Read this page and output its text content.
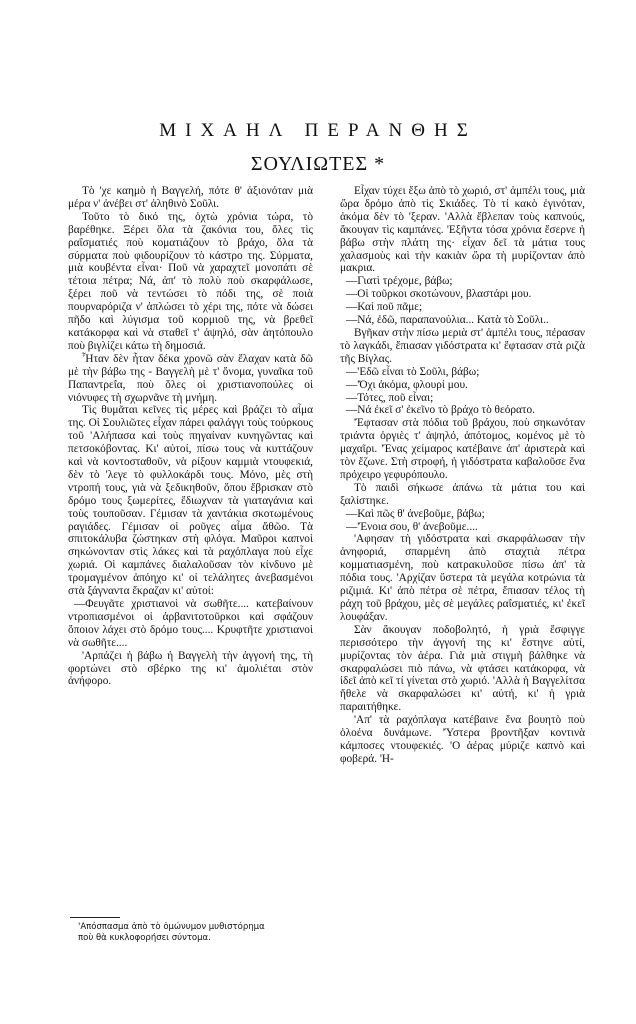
ΜΙΧΑΗΛ ΠΕΡΑΝΘΗΣ
ΣΟΥΛΙΩΤΕΣ *

Τὸ 'χε καημὸ ἡ Βαγγελή, πότε θ' ἀξιονόταν μιὰ μέρα ν' ἀνέβει στ' ἀληθινὸ Σοῦλι.

Τοῦτο τὸ δικό της, ὀχτὼ χρόνια τώρα, τὸ βαρέθηκε. Ξέρει ὅλα τὰ ζακόνια του, ὅλες τὶς ραΐσματιές ποὺ κοματιάζουν τὸ βράχο, ὅλα τὰ σύρματα ποὺ φιδουρίζουν τὸ κάστρο της. Σύρματα, μιὰ κουβέντα εἶναι· Ποῦ νὰ χαραχτεῖ μονοπάτι σὲ τέτοια πέτρα; Νά, ἀπ' τὸ πολὺ ποὺ σκαρφάλωσε, ξέρει ποῦ νὰ τεντώσει τὸ πόδι της, σὲ ποιὰ πουρναρόριζα ν' ἁπλώσει τὸ χέρι της, πότε νὰ δώσει πῆδο καὶ λύγισμα τοῦ κορμιοῦ της, νὰ βρεθεῖ κατάκορφα καὶ νὰ σταθεῖ τ' ἀψηλό, σὰν ἀητόπουλο ποὺ βιγλίζει κάτω τὴ δημοσιά.

Ἦταν δὲν ἦταν δέκα χρονῶ σὰν ἔλαχαν κατὰ δῶ μὲ τὴν βάβω της - Βαγγελὴ μὲ τ' ὄνομα, γυναῖκα τοῦ Παπαντρεΐα, ποὺ ὅλες οἱ χριστιανοπούλες οἱ νιόνυφες τὴ σχωρνᾶνε τὴ μνήμη.

Τὶς θυμᾶται κεῖνες τὶς μέρες καὶ βράζει τὸ αἷμα της. Οἱ Σουλιῶτες εἶχαν πάρει φαλάγγι τοὺς τούρκους τοῦ 'Αλήπασα καὶ τοὺς πηγαίναν κυνηγῶντας καὶ πετσοκόβοντας. Κι' αὐτοί, πίσω τους νὰ κυττάζουν καὶ νὰ κοντοσταθοῦν, νὰ ρίξουν καμμιὰ ντουφεκιά, δὲν τὸ 'λεγε τὸ φυλλοκάρδι τους. Μόνο, μὲς στὴ ντροπή τους, γιὰ νὰ ξεδικηθοῦν, ὅπου ἔβρισκαν στὸ δρόμο τους ξωμερίτες, ἔδιωχναν τὰ γιαταγάνια καὶ τοὺς τουποῦσαν. Γέμισαν τὰ χαντάκια σκοτωμένους ραγιάδες. Γέμισαν οἱ ροῦγες αἷμα ἄθῶο. Τὰ σπιτοκάλυβα ζώστηκαν στὴ φλόγα. Μαῦροι καπνοὶ σηκώνονταν στὶς λάκες καὶ τὰ ραχόπλαγα ποὺ εἶχε χωριά. Οἱ καμπάνες διαλαλοῦσαν τὸν κίνδυνο μὲ τρομαγμένον ἀπόηχο κι' οἱ τελάλητες ἀνεβασμένοι στὰ ξάγναντα ἔκραζαν κι' αὐτοί:

—Φευγᾶτε χριστιανοὶ νὰ σωθῆτε.... κατεβαίνουν ντροπιασμένοι οἱ ἀρβανιτοτοῦρκοι καὶ σφάζουν ὅποιον λάχει στὸ δρόμο τους.... Κρυφτῆτε χριστιανοὶ νὰ σωθῆτε....

'Αρπάζει ἡ βάβω ἡ Βαγγελὴ τὴν ἀγγονή της, τὴ φορτώνει στὸ σβέρκο της κι' ἀμολιέται στὸν ἀνήφορο.

Εἶχαν τύχει ἔξω ἀπὸ τὸ χωριό, στ' ἀμπέλι τους, μιὰ ὥρα δρόμο ἀπὸ τὶς Σκιάδες. Τὸ τί κακὸ ἐγινόταν, ἀκόμα δὲν τὸ 'ξεραν. 'Αλλὰ ἔβλεπαν τοὺς καπνούς, ἄκουγαν τὶς καμπάνες. 'Εξῆντα τόσα χρόνια ἔσερνε ἡ βάβω στὴν πλάτη της· εἶχαν δεῖ τὰ μάτια τους χαλασμοὺς καὶ τὴν κακιὰν ὥρα τὴ μυρίζονταν ἀπὸ μακρια.

—Γιατὶ τρέχομε, βάβω;

—Οἱ τοῦρκοι σκοτώνουν, βλαστάρι μου.

—Καὶ ποῦ πᾶμε;

—Νά, ἐδῶ, παραπανούλια... Κατὰ τὸ Σοῦλι..

Βγῆκαν στὴν πίσω μεριὰ στ' ἀμπέλι τους, πέρασαν τὸ λαγκάδι, ἔπιασαν γιδόστρατα κι' ἔφτασαν στὰ ριζὰ τῆς Βίγλας.

—'Εδῶ εἶναι τὸ Σοῦλι, βάβω;

—'Όχι ἀκόμα, φλουρί μου.

—Τότες, ποῦ εἶναι;

—Νά ἐκεῖ σ' ἐκεῖνο τὸ βράχο τὸ θεόρατο.

'Έφτασαν στὰ πόδια τοῦ βράχου, ποὺ σηκωνόταν τριάντα ὀργιὲς τ' ἀψηλό, ἀπότομος, κομένος μὲ τὸ μαχαῖρι. 'Ένας χείμαρος κατέβαινε ἀπ' ἀριστερὰ καὶ τὸν ἔζωνε. Στὴ στροφή, ἡ γιδόστρατα καβαλοῦσε ἕνα πρόχειρο γεφυρόπουλο.

Τὸ παιδὶ σήκωσε ἀπάνω τὰ μάτια του καὶ ξαλίστηκε.

—Καὶ πῶς θ' ἀνεβοῦμε, βάβω;

—'Ένοια σου, θ' ἀνεβοῦμε....

'Αφησαν τὴ γιδόστρατα καὶ σκαρφάλωσαν τὴν ἀνηφοριά, σπαρμένη ἀπὸ σταχτιὰ πέτρα κομματιασμένη, ποὺ κατρακυλοῦσε πίσω ἀπ' τὰ πόδια τους. 'Αρχίζαν ὕστερα τὰ μεγάλα κοτρώνια τὰ ριζιμιά. Κι' ἀπὸ πέτρα σὲ πέτρα, ἔπιασαν τέλος τὴ ράχη τοῦ βράχου, μὲς σὲ μεγάλες ραΐσματιές, κι' ἐκεῖ λουφάξαν.

Σὰν ἄκουγαν ποδοβολητό, ἡ γριὰ ἔσφιγγε περισσότερο τὴν ἀγγονή της κι' ἔστηνε αὐτί, μυρίζοντας τὸν ἀέρα. Γιὰ μιὰ στιγμὴ βάλθηκε νὰ σκαρφαλώσει πιὸ πάνω, νὰ φτάσει κατάκορφα, νὰ ἰδεῖ ἀπὸ κεῖ τί γίνεται στὸ χωριό. 'Αλλὰ ἡ Βαγγελίτσα ἤθελε νὰ σκαρφαλώσει κι' αὐτή, κι' ἡ γριὰ παραιτήθηκε.

'Απ' τὰ ραχόπλαγα κατέβαινε ἕνα βουητὸ ποὺ ὁλοένα δυνάμωνε. 'Ύστερα βροντῆξαν κοντινὰ κάμποσες ντουφεκιές. 'Ο ἀέρας μύριζε καπνὸ καὶ φοβερά. 'Η-

'Απόσπασμα ἀπὸ τὸ ὁμώνυμον μυθιστόρημα
ποὺ θὰ κυκλοφορήσει σύντομα.
